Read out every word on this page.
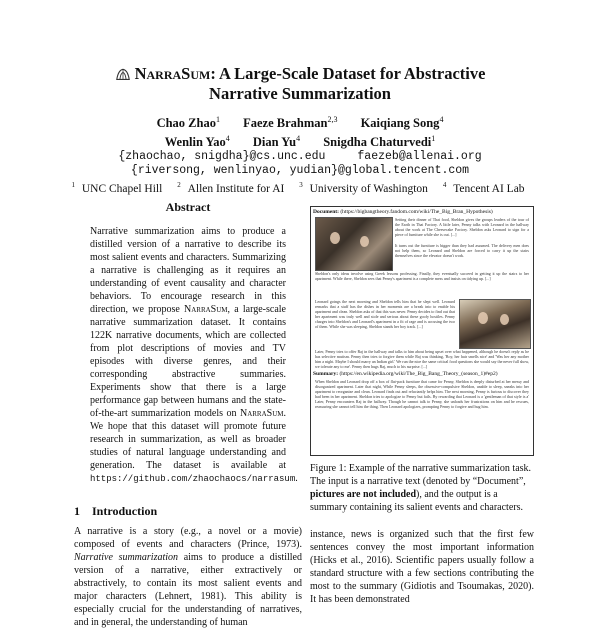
NarraSum: A Large-Scale Dataset for Abstractive
Narrative Summarization
Chao Zhao$^1$ Faeze Brahman$^{2,3}$ Kaiqiang Song$^4$
Wenlin Yao$^4$ Dian Yu$^4$ Snigdha Chaturvedi$^1$
{zhaochao, snigdha}@cs.unc.edu	faezeb@allenai.org
{riversong, wenlinyao, yudian}@global.tencent.com
$^1$ UNC Chapel Hill $^2$ Allen Institute for AI $^3$ University of Washington $^4$ Tencent AI Lab
Abstract
Narrative summarization aims to produce a distilled version of a narrative to describe its most salient events and characters. Summarizing a narrative is challenging as it requires an understanding of event causality and character behaviors. To encourage research in this direction, we propose NarraSum, a large-scale narrative summarization dataset. It contains 122K narrative documents, which are collected from plot descriptions of movies and TV episodes with diverse genres, and their corresponding abstractive summaries. Experiments show that there is a large performance gap between humans and the state-of-the-art summarization models on NarraSum. We hope that this dataset will promote future research in summarization, as well as broader studies of natural language understanding and generation. The dataset is available at https://github.com/zhaochaocs/narrasum.
1 Introduction
A narrative is a story (e.g., a novel or a movie) composed of events and characters (Prince, 1973). Narrative summarization aims to produce a distilled version of a narrative, either extractively or abstractively, to contain its most salient events and major characters (Lehnert, 1981). This ability is especially crucial for the understanding of narratives, and in general, the understanding of human
Document: (https://bigbangtheory.fandom.com/wiki/The_Big_Bran_Hypothesis)
Setting their dinner of Thai food, Sheldon gives the groups leaders of the tour of the Earth in Thai Factory. A little later, Penny talks with Leonard in the hallway about the work at The Cheesecake Factory. Sheldon asks Leonard to sign for a piece of furniture while she is out. [...]
It turns out the furniture is bigger than they had assumed. The delivery men does not help them, so Leonard and Sheldon are forced to carry it up the stairs themselves since the elevator doesn't work.
Sheldon's only ideas involve using Greek lessons professing. Finally, they eventually succeed in getting it up the stairs to her apartment. While there, Sheldon sees that Penny's apartment is a complete mess and insists on tidying up. [...]
Leonard goings the next morning and Sheldon tells him that he slept well. Leonard remarks that a stuff has the dishes in her moments are a break into to enable his apartment and clean. Sheldon asks of that this was never. Penny decides to find out that her apartment was truly well and stole and serious about these goofy hostiles. Penny charges into Sheldon's and Leonard's apartment in a fit of rage and is accusing the two of them. While she was sleeping, Sheldon stands her boy track. [...]
Later, Penny tries to offer Raj in the hallway and talks to him about being upset over what happened, although he doesn't reply as he has selective mutism. Penny then tries to forgive them while Raj was thinking, 'Boy, her hair smells nice' and 'Was her any mother him a night. Maybe I should marry an Indian girl.' We run the nice the same critical food questions she would say the never full show, we tolerate any to me'. Penny then hugs Raj, much to his surprise. [...]
Summary: (https://en.wikipedia.org/wiki/The_Big_Bang_Theory_(season_1)#ep2)
When Sheldon and Leonard drop off a box of flat-pack furniture that came for Penny, Sheldon is deeply disturbed at her messy and disorganized apartment. Later that night, While Penny sleeps, the obsessive-compulsive Sheldon, unable to sleep, sneaks into her apartment to reorganize and clean. Leonard finds out and reluctantly helps him. The next morning, Penny is furious to discover they had been in her apartment. Sheldon tries to apologize to Penny but fails. By rewarding that Leonard is a 'gentleman of that style is a' Later, Penny encounters Raj in the hallway. Though he cannot talk to Penny, she unloads her frustrations on him and he rescues, reassuring she cannot tell him the thing. Then Leonard apologizes, prompting Penny to forgive and hug him.
Figure 1: Example of the narrative summarization task. The input is a narrative text (denoted by “Document”, pictures are not included), and the output is a summary containing its salient events and characters.
instance, news is organized such that the first few sentences convey the most important information (Hicks et al., 2016). Scientific papers usually follow a standard structure with a few sections contributing the most to the summary (Gidiotis and Tsoumakas, 2020). It has been demonstrated
